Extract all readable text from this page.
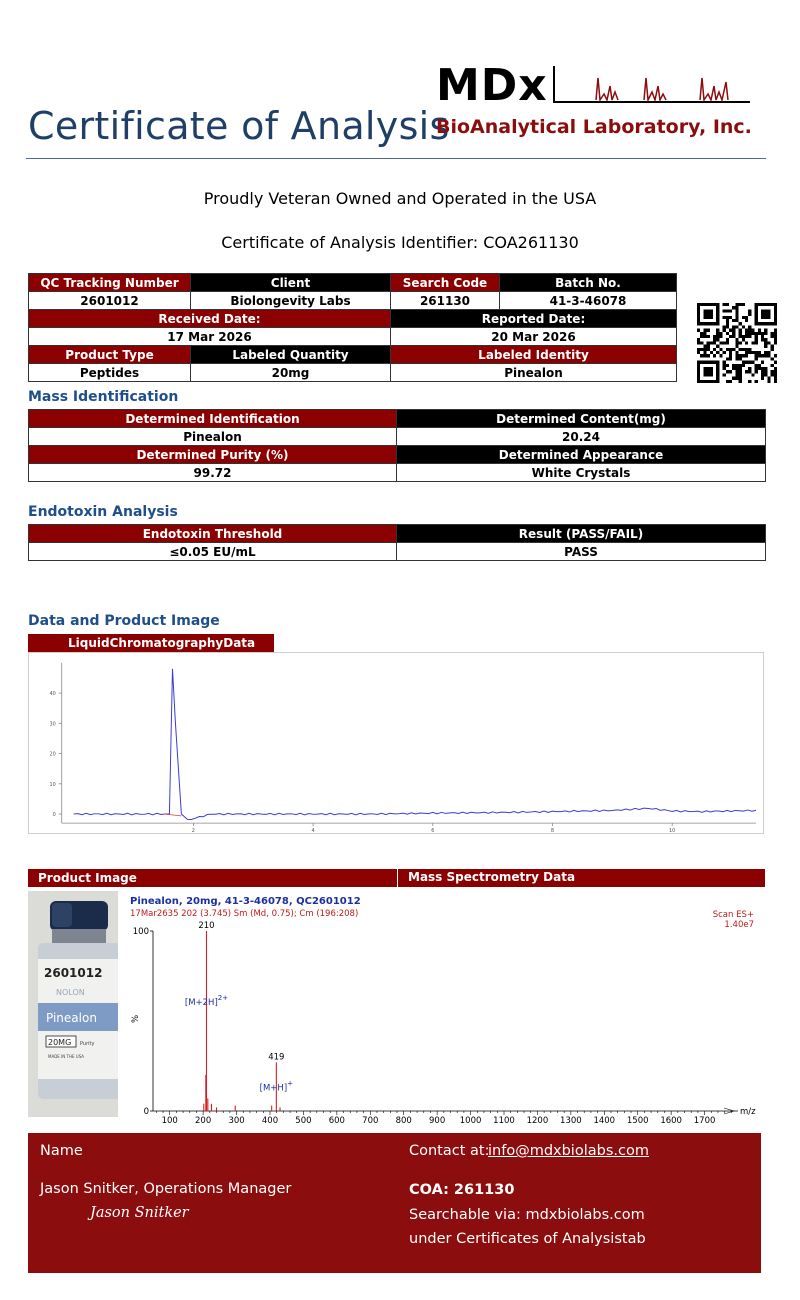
Certificate of Analysis
MDx
BioAnalytical Laboratory, Inc.
Proudly Veteran Owned and Operated in the USA
Certificate of Analysis Identifier: COA261130
QC Tracking Number	Client	Search Code	Batch No.
2601012	Biolongevity Labs	261130	41-3-46078
Received Date:		Reported Date:	
17 Mar 2026		20 Mar 2026	
Product Type	Labeled Quantity	Labeled Identity	
Peptides	20mg	Pinealon	
Mass Identification
Determined Identification	Determined Content(mg)
Pinealon	20.24
Determined Purity (%)	Determined Appearance
99.72	White Crystals
Endotoxin Analysis
Endotoxin Threshold	Result (PASS/FAIL)
≤0.05 EU/mL	PASS
Data and Product Image
LiquidChromatographyData
0
10
20
30
40
2	4	6	8	10
Product Image	Mass Spectrometry Data
2601012
NOLON
Pinealon
20MG Purity
MADE IN THE USA
Pinealon, 20mg, 41-3-46078, QC2601012
17Mar2635 202 (3.745) Sm (Md, 0.75); Cm (196:208)	Scan ES+
1.40e7
0
100
%
100 200 300 400 500 600 700 800 900 1000 1100 1200 1300 1400 1500 1600 1700
m/z
210
$[M+2H]^{2+}$
419
[M+H]+
Name
Jason Snitker, Operations Manager
Jason Snitker
Contact at:
info@mdxbiolabs.com
COA: 261130
Searchable via: mdxbiolabs.com
under Certificates of Analysistab
